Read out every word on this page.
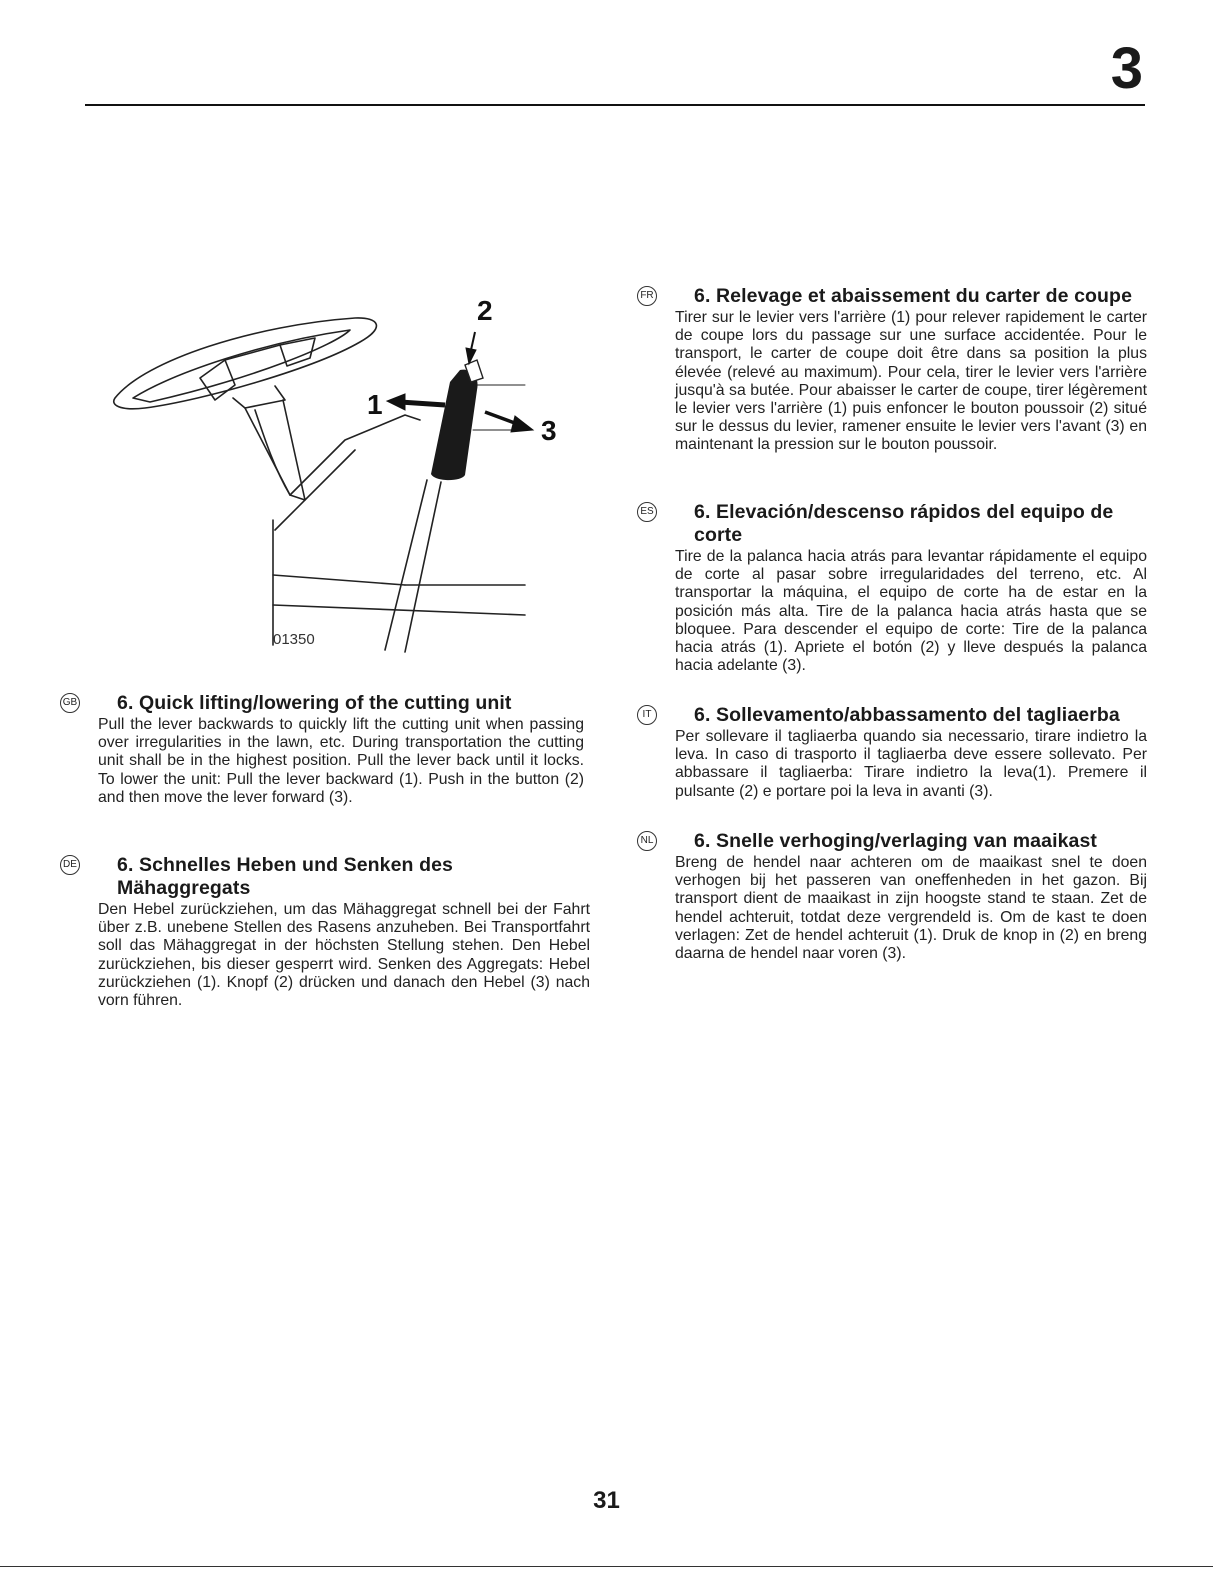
3
2
1
3
01350
GB 6. Quick lifting/lowering of the cutting unit
Pull the lever backwards to quickly lift the cutting unit when passing over irregularities in the lawn, etc. During transportation the cutting unit shall be in the highest position. Pull the lever back until it locks. To lower the unit: Pull the lever backward (1). Push in the button (2) and then move the lever forward (3).
DE 6. Schnelles Heben und Senken des Mähaggregats
Den Hebel zurückziehen, um das Mähaggregat schnell bei der Fahrt über z.B. unebene Stellen des Rasens anzuheben. Bei Transportfahrt soll das Mähaggregat in der höchsten Stellung stehen. Den Hebel zurückziehen, bis dieser gesperrt wird. Senken des Aggregats: Hebel zurückziehen (1). Knopf (2) drücken und danach den Hebel (3) nach vorn führen.
FR 6. Relevage et abaissement du carter de coupe
Tirer sur le levier vers l'arrière (1) pour relever rapidement le carter de coupe lors du passage sur une surface accidentée. Pour le transport, le carter de coupe doit être dans sa position la plus élevée (relevé au maximum). Pour cela, tirer le levier vers l'arrière jusqu'à sa butée. Pour abaisser le carter de coupe, tirer légèrement le levier vers l'arrière (1) puis enfoncer le bouton poussoir (2) situé sur le dessus du levier, ramener ensuite le levier vers l'avant (3) en maintenant la pression sur le bouton poussoir.
ES 6. Elevación/descenso rápidos del equipo de corte
Tire de la palanca hacia atrás para levantar rápidamente el equipo de corte al pasar sobre irregularidades del terreno, etc. Al transportar la máquina, el equipo de corte ha de estar en la posición más alta. Tire de la palanca hacia atrás hasta que se bloquee. Para descender el equipo de corte: Tire de la palanca hacia atrás (1). Apriete el botón (2) y lleve después la palanca hacia adelante (3).
IT 6. Sollevamento/abbassamento del tagliaerba
Per sollevare il tagliaerba quando sia necessario, tirare indietro la leva. In caso di trasporto il tagliaerba deve essere sollevato. Per abbassare il tagliaerba: Tirare indietro la leva(1). Premere il pulsante (2) e portare poi la leva in avanti (3).
NL 6. Snelle verhoging/verlaging van maaikast
Breng de hendel naar achteren om de maaikast snel te doen verhogen bij het passeren van oneffenheden in het gazon. Bij transport dient de maaikast in zijn hoogste stand te staan. Zet de hendel achteruit, totdat deze vergrendeld is. Om de kast te doen verlagen: Zet de hendel achteruit (1). Druk de knop in (2) en breng daarna de hendel naar voren (3).
31
